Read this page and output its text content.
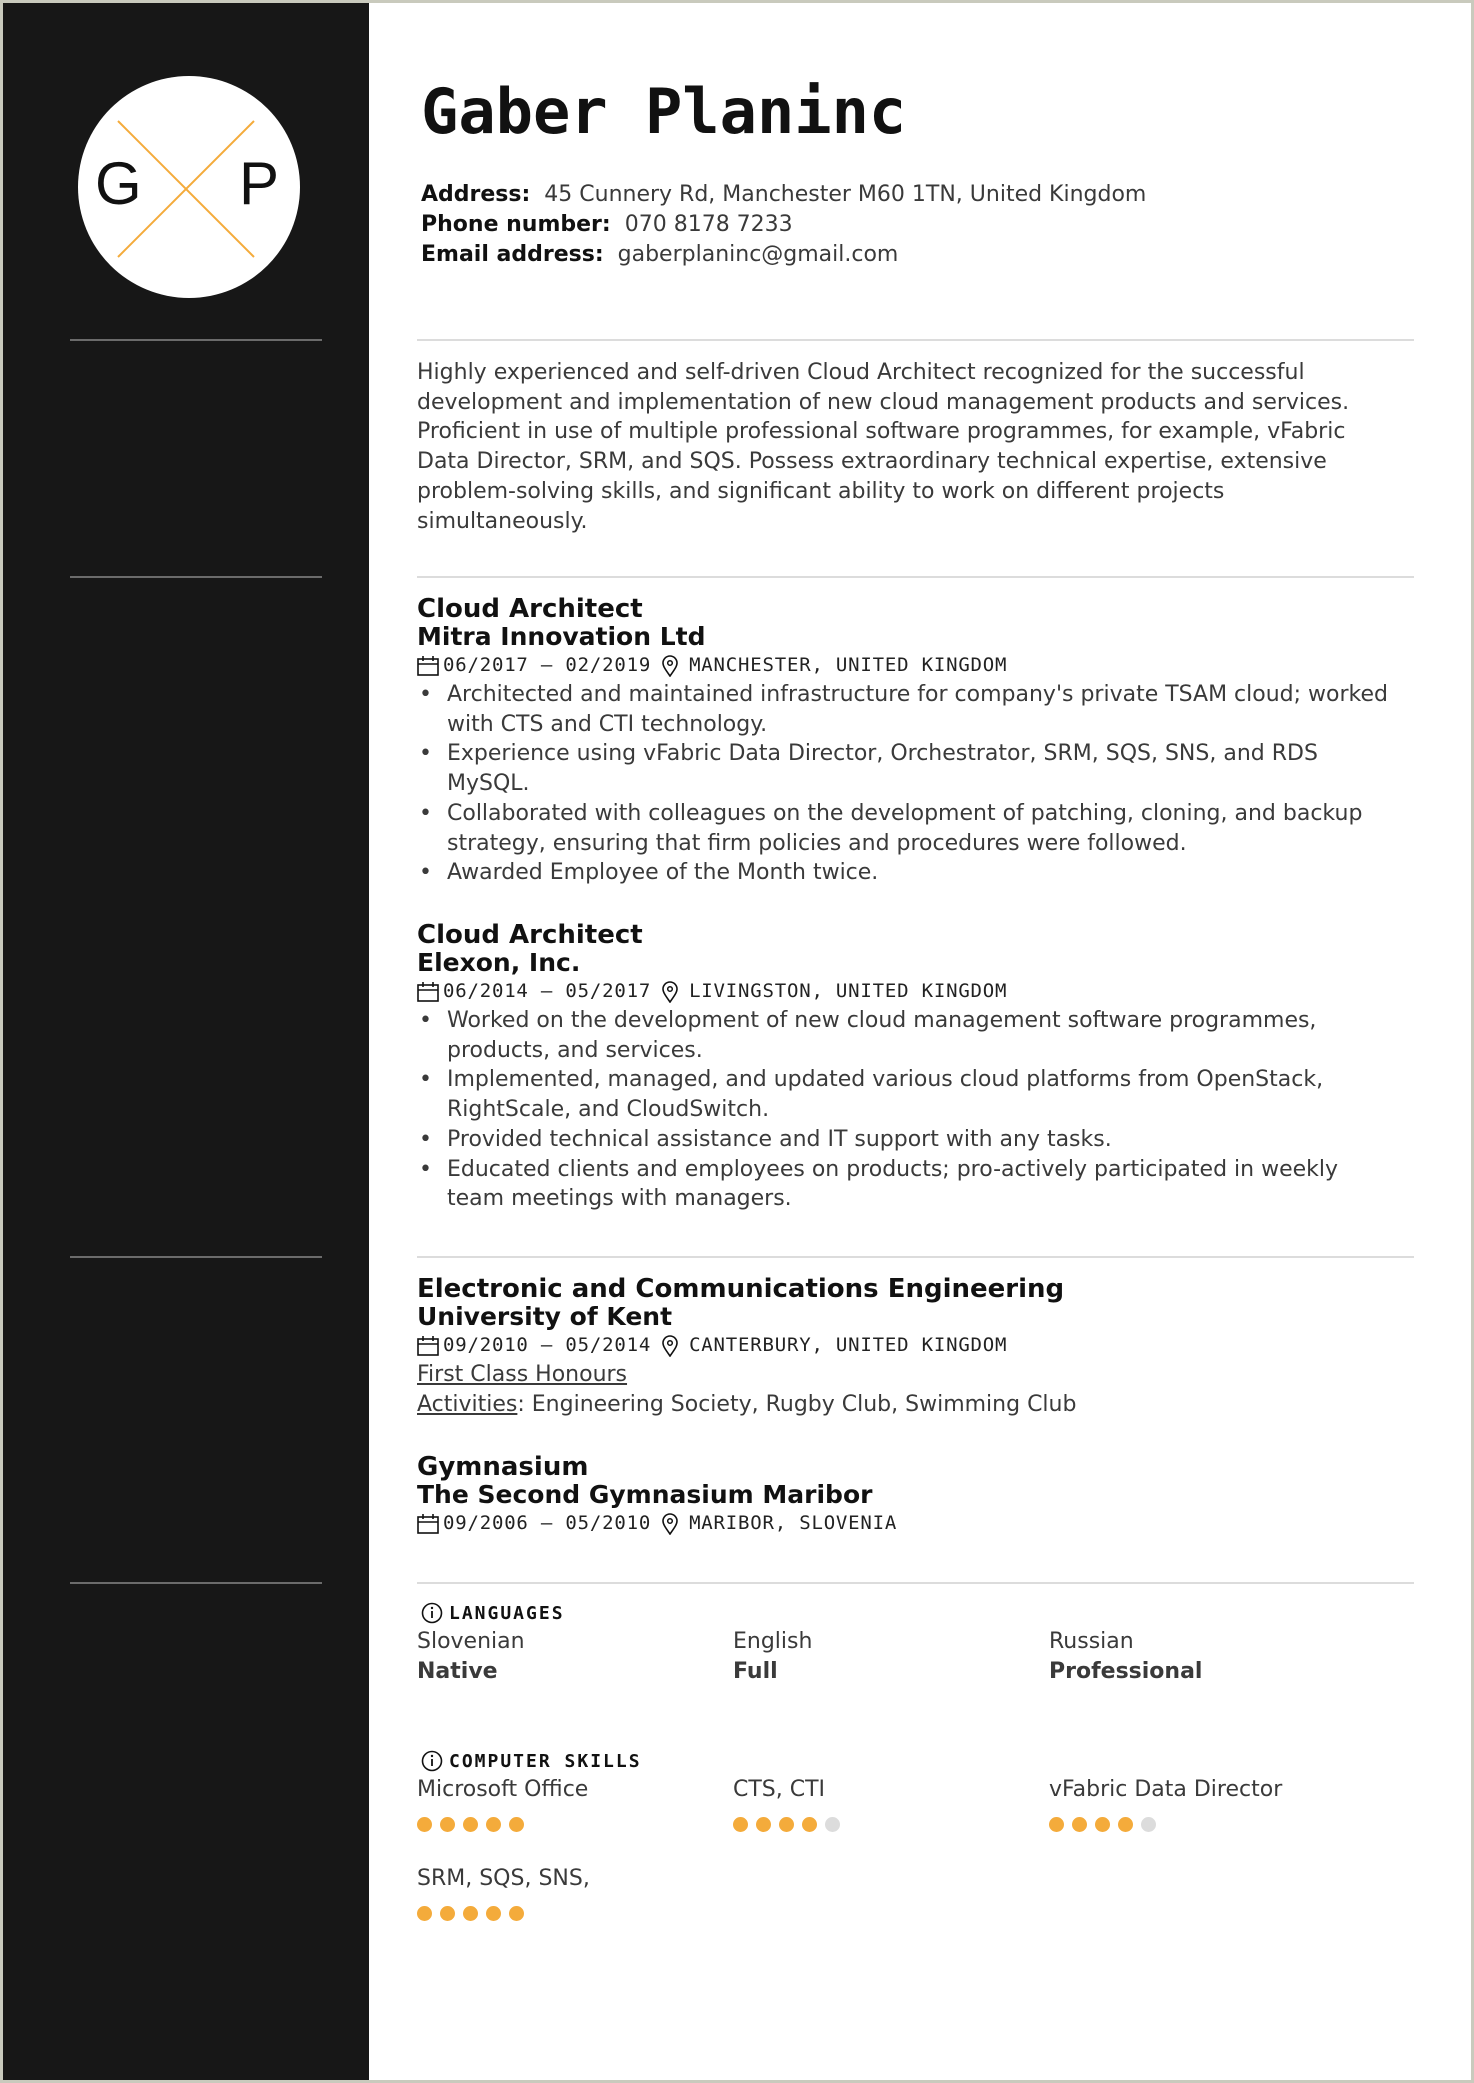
G P
Gaber Planinc
Address: 45 Cunnery Rd, Manchester M60 1TN, United Kingdom
Phone number: 070 8178 7233
Email address: gaberplaninc@gmail.com
Highly experienced and self-driven Cloud Architect recognized for the successful development and implementation of new cloud management products and services. Proficient in use of multiple professional software programmes, for example, vFabric Data Director, SRM, and SQS. Possess extraordinary technical expertise, extensive problem-solving skills, and significant ability to work on different projects simultaneously.
Cloud Architect
Mitra Innovation Ltd
06/2017 – 02/2019 MANCHESTER, UNITED KINGDOM
• Architected and maintained infrastructure for company's private TSAM cloud; worked with CTS and CTI technology.
• Experience using vFabric Data Director, Orchestrator, SRM, SQS, SNS, and RDS MySQL.
• Collaborated with colleagues on the development of patching, cloning, and backup strategy, ensuring that firm policies and procedures were followed.
• Awarded Employee of the Month twice.
Cloud Architect
Elexon, Inc.
06/2014 – 05/2017 LIVINGSTON, UNITED KINGDOM
• Worked on the development of new cloud management software programmes, products, and services.
• Implemented, managed, and updated various cloud platforms from OpenStack, RightScale, and CloudSwitch.
• Provided technical assistance and IT support with any tasks.
• Educated clients and employees on products; pro-actively participated in weekly team meetings with managers.
Electronic and Communications Engineering
University of Kent
09/2010 – 05/2014 CANTERBURY, UNITED KINGDOM
First Class Honours
Activities: Engineering Society, Rugby Club, Swimming Club
Gymnasium
The Second Gymnasium Maribor
09/2006 – 05/2010 MARIBOR, SLOVENIA
LANGUAGES
Slovenian
Native
English
Full
Russian
Professional
COMPUTER SKILLS
Microsoft Office	CTS, CTI	vFabric Data Director
SRM, SQS, SNS,
